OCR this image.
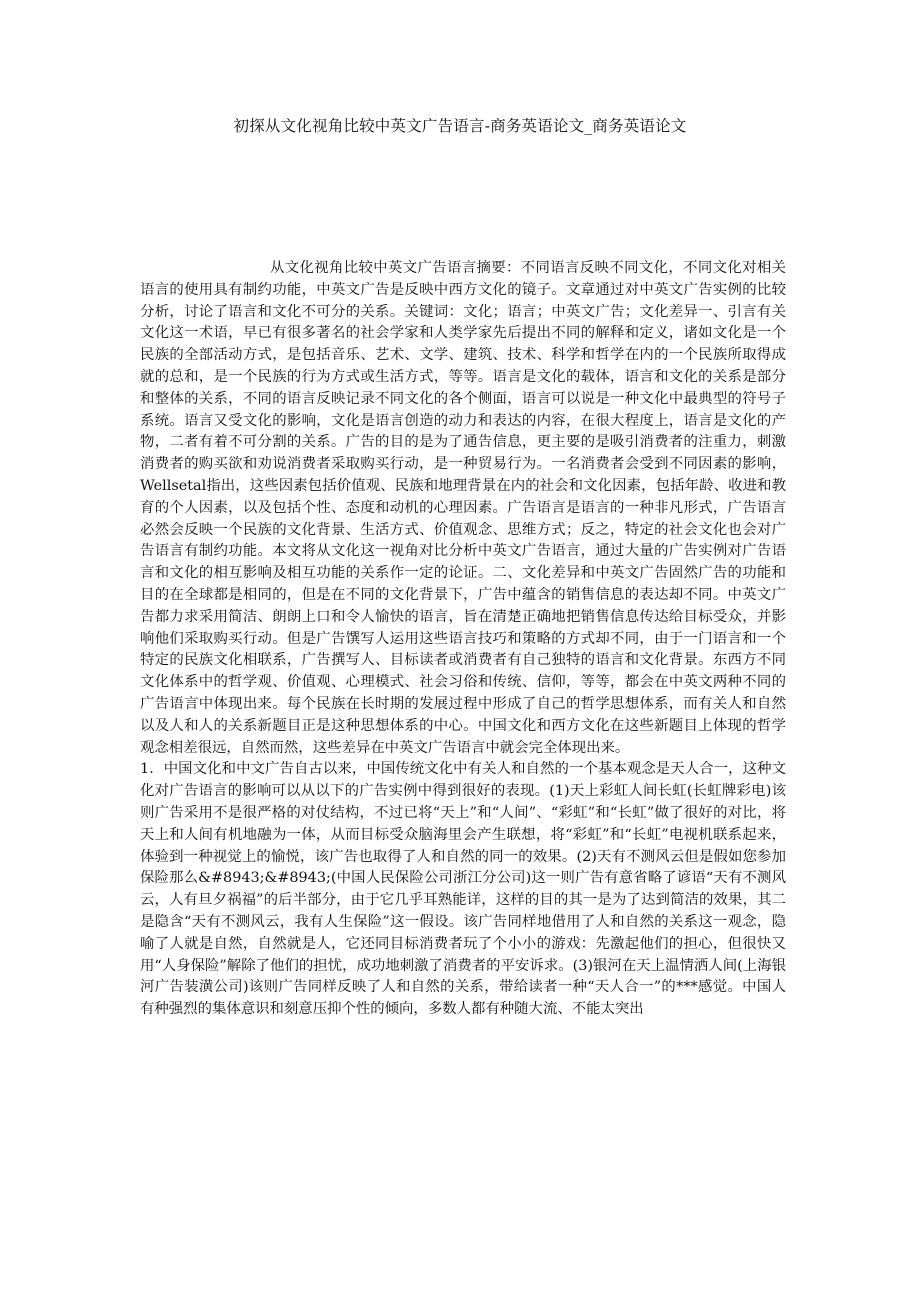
初探从文化视角比较中英文广告语言-商务英语论文_商务英语论文

从文化视角比较中英文广告语言摘要：不同语言反映不同文化，不同文化对相关语言的使用具有制约功能，中英文广告是反映中西方文化的镜子。文章通过对中英文广告实例的比较分析，讨论了语言和文化不可分的关系。关键词：文化；语言；中英文广告；文化差异一、引言有关文化这一术语，早已有很多著名的社会学家和人类学家先后提出不同的解释和定义，诸如文化是一个民族的全部活动方式，是包括音乐、艺术、文学、建筑、技术、科学和哲学在内的一个民族所取得成就的总和，是一个民族的行为方式或生活方式，等等。语言是文化的载体，语言和文化的关系是部分和整体的关系，不同的语言反映记录不同文化的各个侧面，语言可以说是一种文化中最典型的符号子系统。语言又受文化的影响，文化是语言创造的动力和表达的内容，在很大程度上，语言是文化的产物，二者有着不可分割的关系。广告的目的是为了通告信息，更主要的是吸引消费者的注重力，刺激消费者的购买欲和劝说消费者采取购买行动，是一种贸易行为。一名消费者会受到不同因素的影响，Wellsetal指出，这些因素包括价值观、民族和地理背景在内的社会和文化因素，包括年龄、收进和教育的个人因素，以及包括个性、态度和动机的心理因素。广告语言是语言的一种非凡形式，广告语言必然会反映一个民族的文化背景、生活方式、价值观念、思维方式；反之，特定的社会文化也会对广告语言有制约功能。本文将从文化这一视角对比分析中英文广告语言，通过大量的广告实例对广告语言和文化的相互影响及相互功能的关系作一定的论证。二、文化差异和中英文广告固然广告的功能和目的在全球都是相同的，但是在不同的文化背景下，广告中蕴含的销售信息的表达却不同。中英文广告都力求采用简洁、朗朗上口和令人愉快的语言，旨在清楚正确地把销售信息传达给目标受众，并影响他们采取购买行动。但是广告馔写人运用这些语言技巧和策略的方式却不同，由于一门语言和一个特定的民族文化相联系，广告撰写人、目标读者或消费者有自己独特的语言和文化背景。东西方不同文化体系中的哲学观、价值观、心理模式、社会习俗和传统、信仰，等等，都会在中英文两种不同的广告语言中体现出来。每个民族在长时期的发展过程中形成了自己的哲学思想体系，而有关人和自然以及人和人的关系新题目正是这种思想体系的中心。中国文化和西方文化在这些新题目上体现的哲学观念相差很远，自然而然，这些差异在中英文广告语言中就会完全体现出来。

1．中国文化和中文广告自古以来，中国传统文化中有关人和自然的一个基本观念是天人合一，这种文化对广告语言的影响可以从以下的广告实例中得到很好的表现。(1)天上彩虹人间长虹(长虹牌彩电)该则广告采用不是很严格的对仗结构，不过已将“天上”和“人间”、“彩虹”和“长虹”做了很好的对比，将天上和人间有机地融为一体，从而目标受众脑海里会产生联想，将“彩虹”和“长虹”电视机联系起来，体验到一种视觉上的愉悦，该广告也取得了人和自然的同一的效果。(2)天有不测风云但是假如您参加保险那么&#8943;&#8943;(中国人民保险公司浙江分公司)这一则广告有意省略了谚语“天有不测风云，人有旦夕祸福”的后半部分，由于它几乎耳熟能详，这样的目的其一是为了达到简洁的效果，其二是隐含“天有不测风云，我有人生保险”这一假设。该广告同样地借用了人和自然的关系这一观念，隐喻了人就是自然，自然就是人，它还同目标消费者玩了个小小的游戏：先激起他们的担心，但很快又用“人身保险”解除了他们的担忧，成功地刺激了消费者的平安诉求。(3)银河在天上温情洒人间(上海银河广告装潢公司)该则广告同样反映了人和自然的关系，带给读者一种“天人合一”的***感觉。中国人有种强烈的集体意识和刻意压抑个性的倾向，多数人都有种随大流、不能太突出
